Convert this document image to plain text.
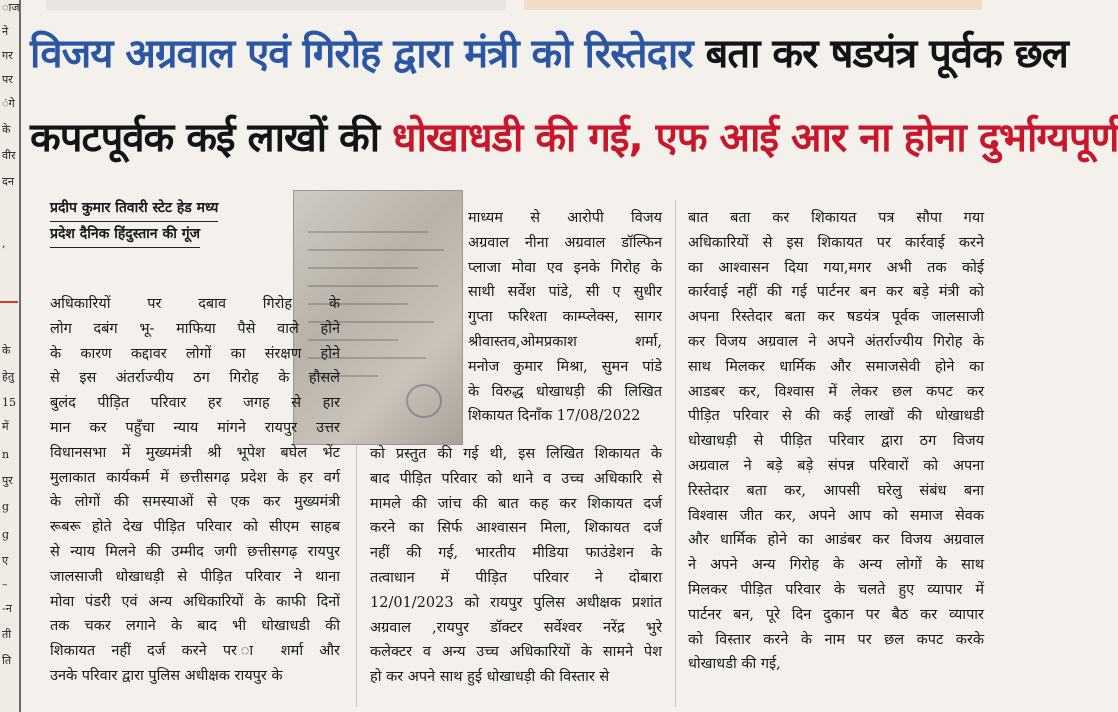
ाज
ने
गर
पर
ंगे
के
वीर
दन
,
के
हेतु
15
में
n
पुर
g
g
ए
–
-न
ती
ति
विजय अग्रवाल एवं गिरोह द्वारा मंत्री को रिस्तेदार बता कर षडयंत्र पूर्वक छल
कपटपूर्वक कई लाखों की धोखाधडी की गई, एफ आई आर ना होना दुर्भाग्यपूर्ण
प्रदीप कुमार तिवारी स्टेट हेड मध्य
प्रदेश दैनिक हिंदुस्तान की गूंज
अधिकारियों पर दबाव गिरोह के
लोग दबंग भू- माफिया पैसे वाले होने
के कारण कद्दावर लोगों का संरक्षण होने
से इस अंतर्राज्यीय ठग गिरोह के हौसले
बुलंद पीड़ित परिवार हर जगह से हार
मान कर पहुँचा न्याय मांगने रायपुर उत्तर
विधानसभा में मुख्यमंत्री श्री भूपेश बघेल भेंट
मुलाकात कार्यकर्म में छत्तीसगढ़ प्रदेश के हर वर्ग
के लोगों की समस्याओं से एक कर मुख्यमंत्री
रूबरू होते देख पीड़ित परिवार को सीएम साहब
से न्याय मिलने की उम्मीद जगी छत्तीसगढ़ रायपुर
जालसाजी धोखाधड़ी से पीड़ित परिवार ने थाना
मोवा पंडरी एवं अन्य अधिकारियों के काफी दिनों
तक चकर लगाने के बाद भी धोखाधडी की
शिकायत नहीं दर्ज करने पर ा शर्मा और
उनके परिवार द्वारा पुलिस अधीक्षक रायपुर के
माध्यम से आरोपी विजय
अग्रवाल नीना अग्रवाल डॉल्फिन
प्लाजा मोवा एव इनके गिरोह के
साथी सर्वेश पांडे, सी ए सुधीर
गुप्ता फरिश्ता काम्प्लेक्स, सागर
श्रीवास्तव,ओमप्रकाश शर्मा,
मनोज कुमार मिश्रा, सुमन पांडे
के विरुद्ध धोखाधड़ी की लिखित
शिकायत दिनाँक 17/08/2022
को प्रस्तुत की गई थी, इस लिखित शिकायत के
बाद पीड़ित परिवार को थाने व उच्च अधिकारि से
मामले की जांच की बात कह कर शिकायत दर्ज
करने का सिर्फ आश्वासन मिला, शिकायत दर्ज
नहीं की गई, भारतीय मीडिया फाउंडेशन के
तत्वाधान में पीड़ित परिवार ने दोबारा
12/01/2023 को रायपुर पुलिस अधीक्षक प्रशांत
अग्रवाल ,रायपुर डॉक्टर सर्वेश्वर नरेंद्र भुरे
कलेक्टर व अन्य उच्च अधिकारियों के सामने पेश
हो कर अपने साथ हुई धोखाधड़ी की विस्तार से
बात बता कर शिकायत पत्र सौपा गया
अधिकारियों से इस शिकायत पर कार्रवाई करने
का आश्वासन दिया गया,मगर अभी तक कोई
कार्रवाई नहीं की गई पार्टनर बन कर बड़े मंत्री को
अपना रिस्तेदार बता कर षडयंत्र पूर्वक जालसाजी
कर विजय अग्रवाल ने अपने अंतर्राज्यीय गिरोह के
साथ मिलकर धार्मिक और समाजसेवी होने का
आडबर कर, विश्वास में लेकर छल कपट कर
पीड़ित परिवार से की कई लाखों की धोखाधडी
धोखाधड़ी से पीड़ित परिवार द्वारा ठग विजय
अग्रवाल ने बड़े बड़े संपन्न परिवारों को अपना
रिस्तेदार बता कर, आपसी घरेलु संबंध बना
विश्वास जीत कर, अपने आप को समाज सेवक
और धार्मिक होने का आडंबर कर विजय अग्रवाल
ने अपने अन्य गिरोह के अन्य लोगों के साथ
मिलकर पीड़ित परिवार के चलते हुए व्यापार में
पार्टनर बन, पूरे दिन दुकान पर बैठ कर व्यापार
को विस्तार करने के नाम पर छल कपट करके
धोखाधडी की गई,
